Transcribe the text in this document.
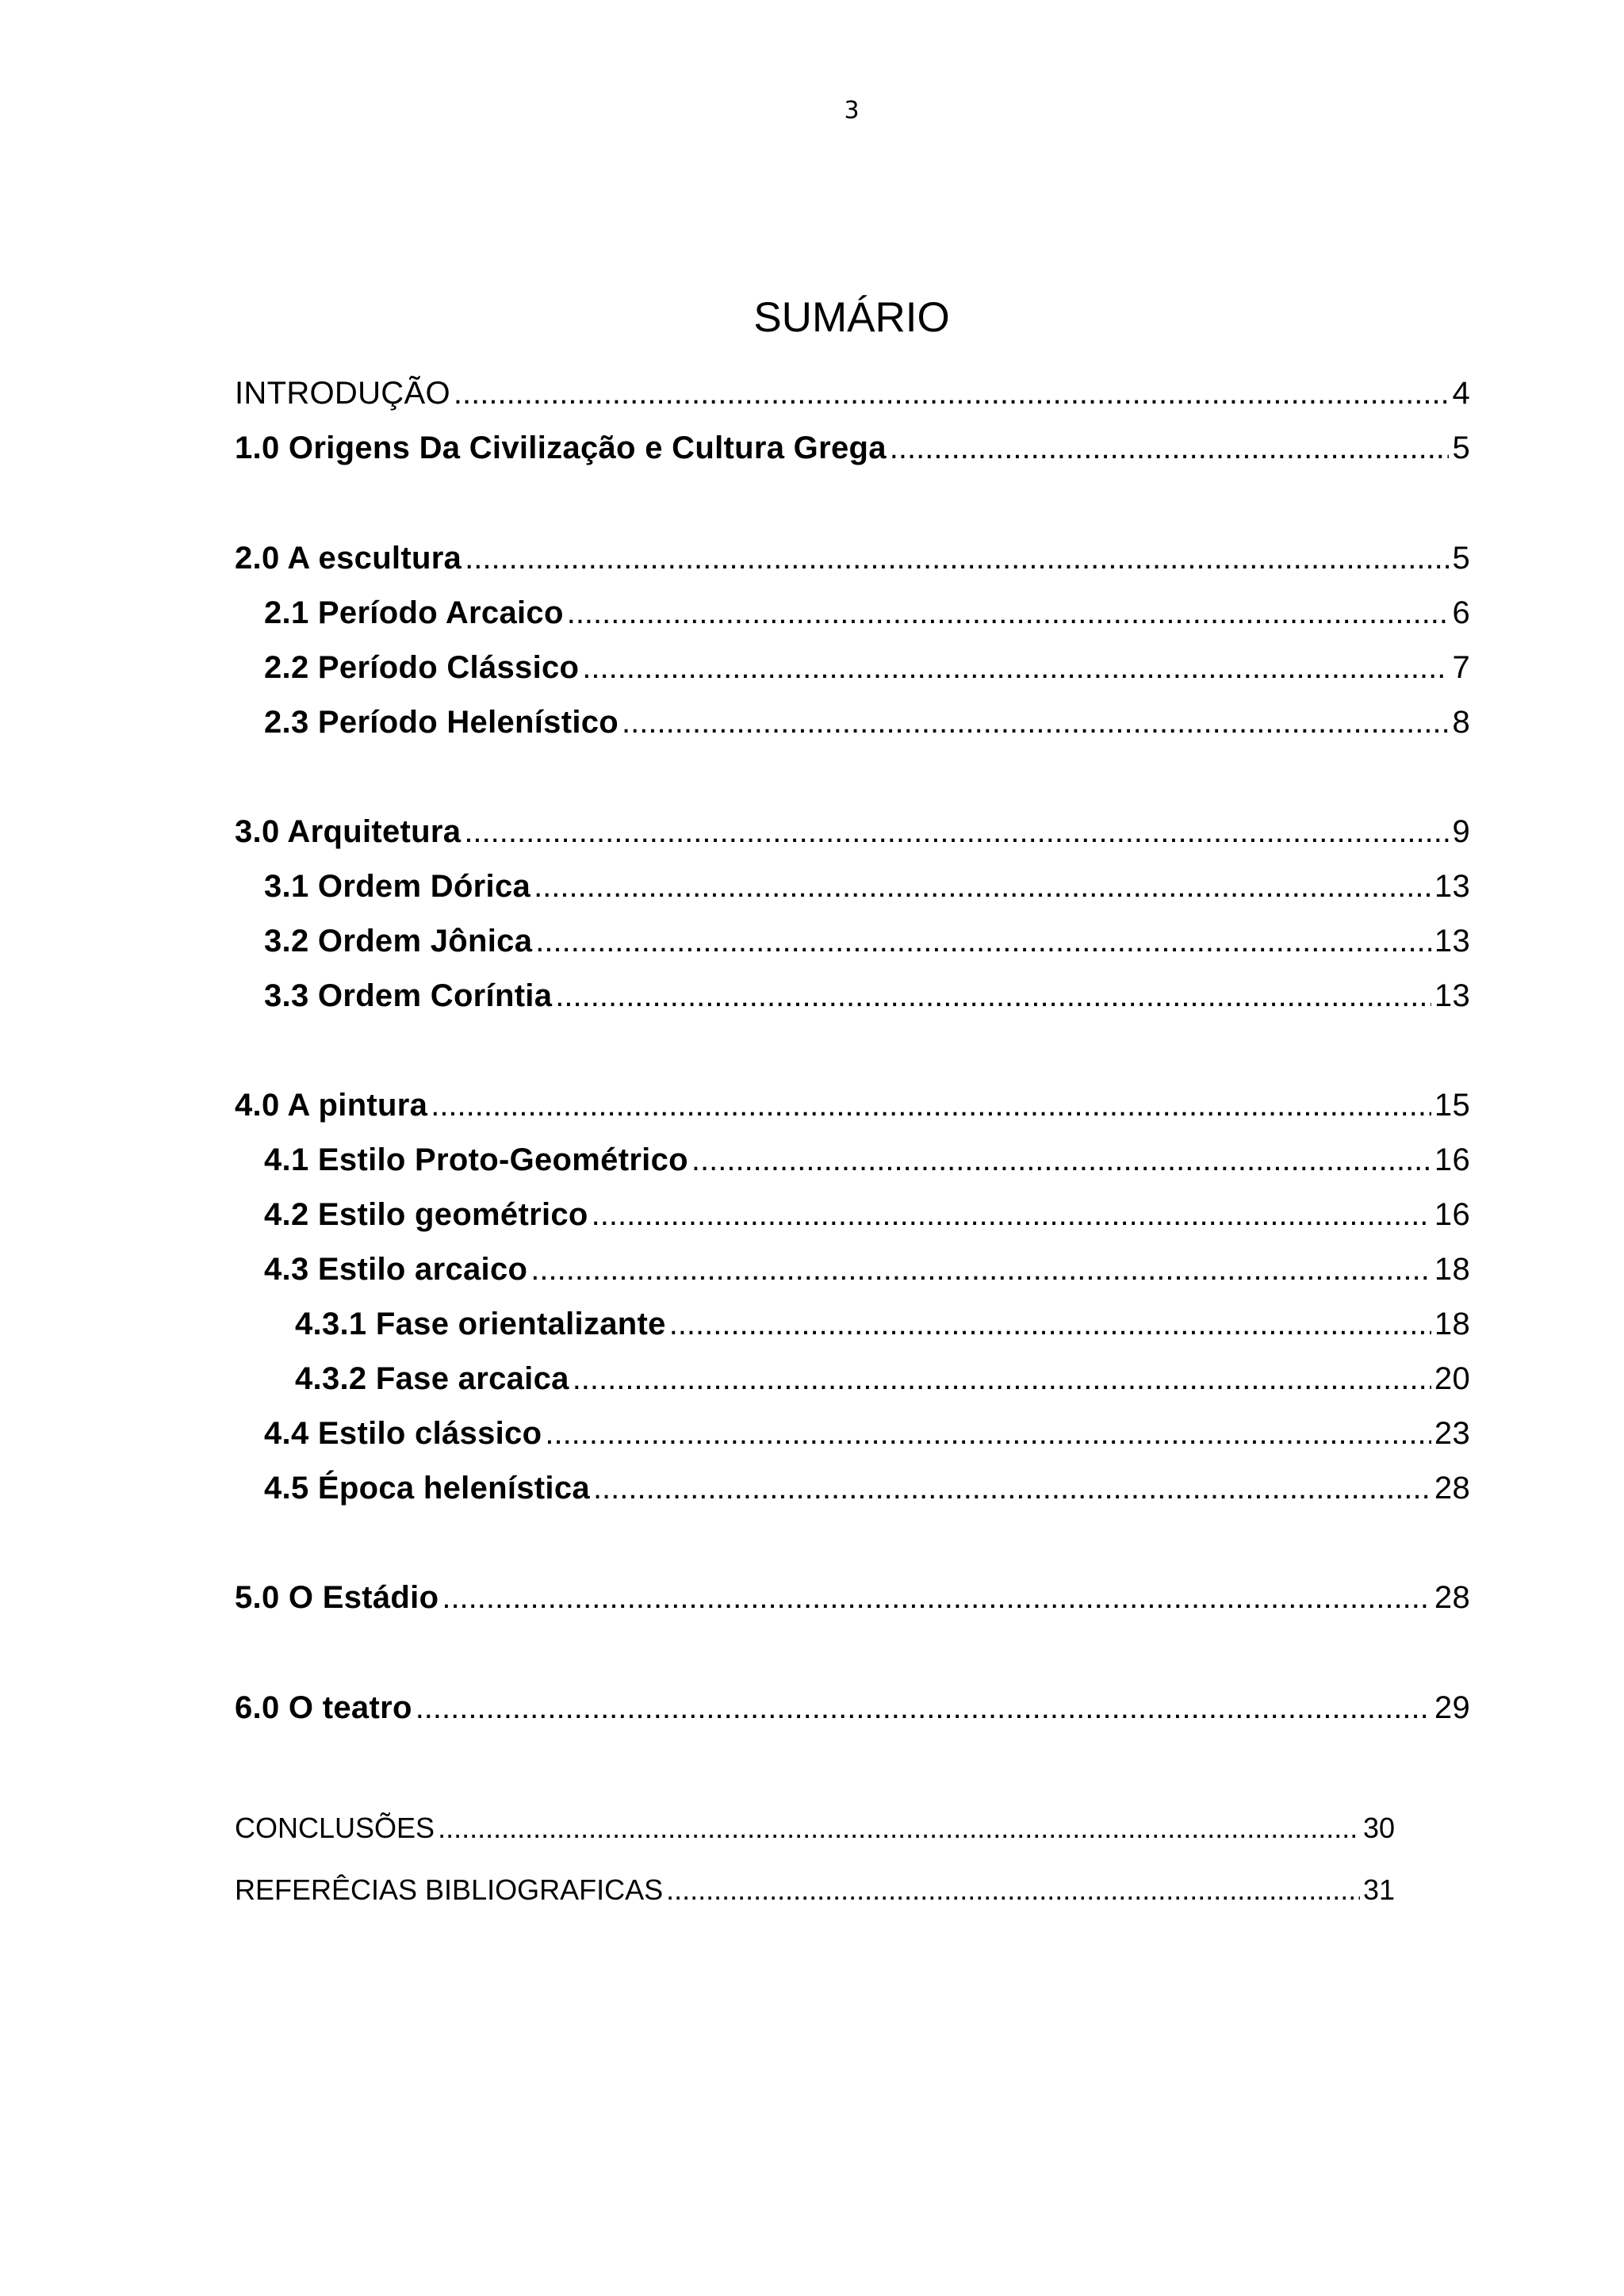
3
SUMÁRIO
INTRODUÇÃO .....	4
1.0 Origens Da Civilização e Cultura Grega .....	5
2.0 A escultura .....	5
2.1 Período Arcaico .....	6
2.2 Período Clássico .....	7
2.3 Período Helenístico .....	8
3.0 Arquitetura .....	9
3.1 Ordem Dórica .....	13
3.2 Ordem Jônica .....	13
3.3 Ordem Coríntia .....	13
4.0 A pintura .....	15
4.1 Estilo Proto-Geométrico .....	16
4.2 Estilo geométrico .....	16
4.3 Estilo arcaico .....	18
4.3.1 Fase orientalizante .....	18
4.3.2 Fase arcaica .....	20
4.4 Estilo clássico .....	23
4.5 Época helenística .....	28
5.0 O Estádio .....	28
6.0 O teatro .....	29
CONCLUSÕES .....	30
REFERÊCIAS BIBLIOGRAFICAS .....	31
